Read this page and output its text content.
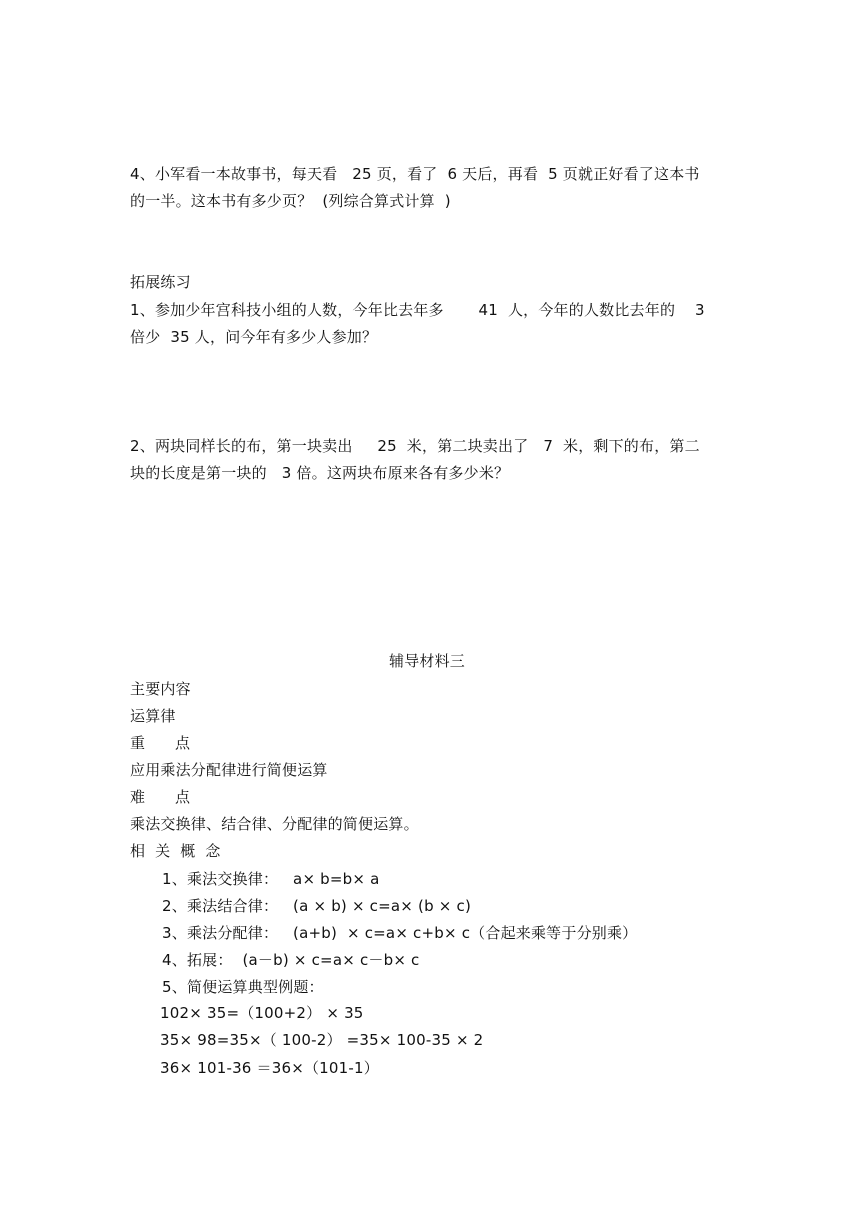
4、小军看一本故事书，每天看   25 页，看了  6 天后，再看  5 页就正好看了这本书
的一半。这本书有多少页？  (列综合算式计算  )
拓展练习
1、参加少年宫科技小组的人数，今年比去年多       41  人，今年的人数比去年的    3
倍少  35 人，问今年有多少人参加？
2、两块同样长的布，第一块卖出     25  米，第二块卖出了   7  米，剩下的布，第二
块的长度是第一块的   3 倍。这两块布原来各有多少米？
辅导材料三
主要内容
运算律
重      点
应用乘法分配律进行简便运算
难      点
乘法交换律、结合律、分配律的简便运算。
相  关  概  念
1、乘法交换律：   a× b=b× a
2、乘法结合律：   (a × b) × c=a× (b × c)
3、乘法分配律：   (a+b)  × c=a× c+b× c（合起来乘等于分别乘）
4、拓展：  (a－b) × c=a× c－b× c
5、简便运算典型例题：
102× 35=（100+2） × 35
35× 98=35×（ 100-2） =35× 100-35 × 2
36× 101-36 ＝36×（101-1）
